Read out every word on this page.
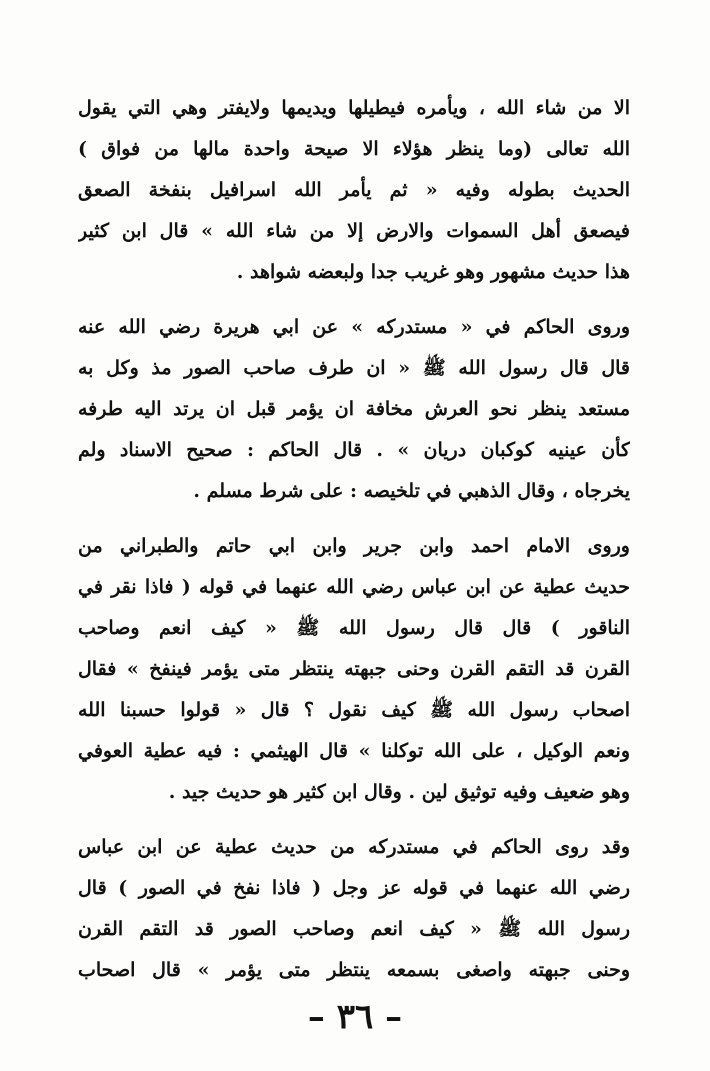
الا من شاء الله ، ويأمره فيطيلها ويديمها ولايفتر وهي التي يقول
الله تعالى (وما ينظر هؤلاء الا صيحة واحدة مالها من فواق )
الحديث بطوله وفيه « ثم يأمر الله اسرافيل بنفخة الصعق
فيصعق أهل السموات والارض إلا من شاء الله » قال ابن كثير
هذا حديث مشهور وهو غريب جدا ولبعضه شواهد .

وروى الحاكم في « مستدركه » عن ابي هريرة رضي الله عنه
قال قال رسول الله ﷺ « ان طرف صاحب الصور مذ وكل به
مستعد ينظر نحو العرش مخافة ان يؤمر قبل ان يرتد اليه طرفه
كأن عينيه كوكبان دريان » . قال الحاكم : صحيح الاسناد ولم
يخرجاه ، وقال الذهبي في تلخيصه : على شرط مسلم .

وروى الامام احمد وابن جرير وابن ابي حاتم والطبراني من
حديث عطية عن ابن عباس رضي الله عنهما في قوله ( فاذا نقر في
الناقور ) قال قال رسول الله ﷺ « كيف انعم وصاحب
القرن قد التقم القرن وحنى جبهته ينتظر متى يؤمر فينفخ » فقال
اصحاب رسول الله ﷺ كيف نقول ؟ قال « قولوا حسبنا الله
ونعم الوكيل ، على الله توكلنا » قال الهيثمي : فيه عطية العوفي
وهو ضعيف وفيه توثيق لين . وقال ابن كثير هو حديث جيد .

وقد روى الحاكم في مستدركه من حديث عطية عن ابن عباس
رضي الله عنهما في قوله عز وجل ( فاذا نفخ في الصور ) قال
رسول الله ﷺ « كيف انعم وصاحب الصور قد التقم القرن
وحنى جبهته واصغى بسمعه ينتظر متى يؤمر » قال اصحاب

– ٣٦ –
